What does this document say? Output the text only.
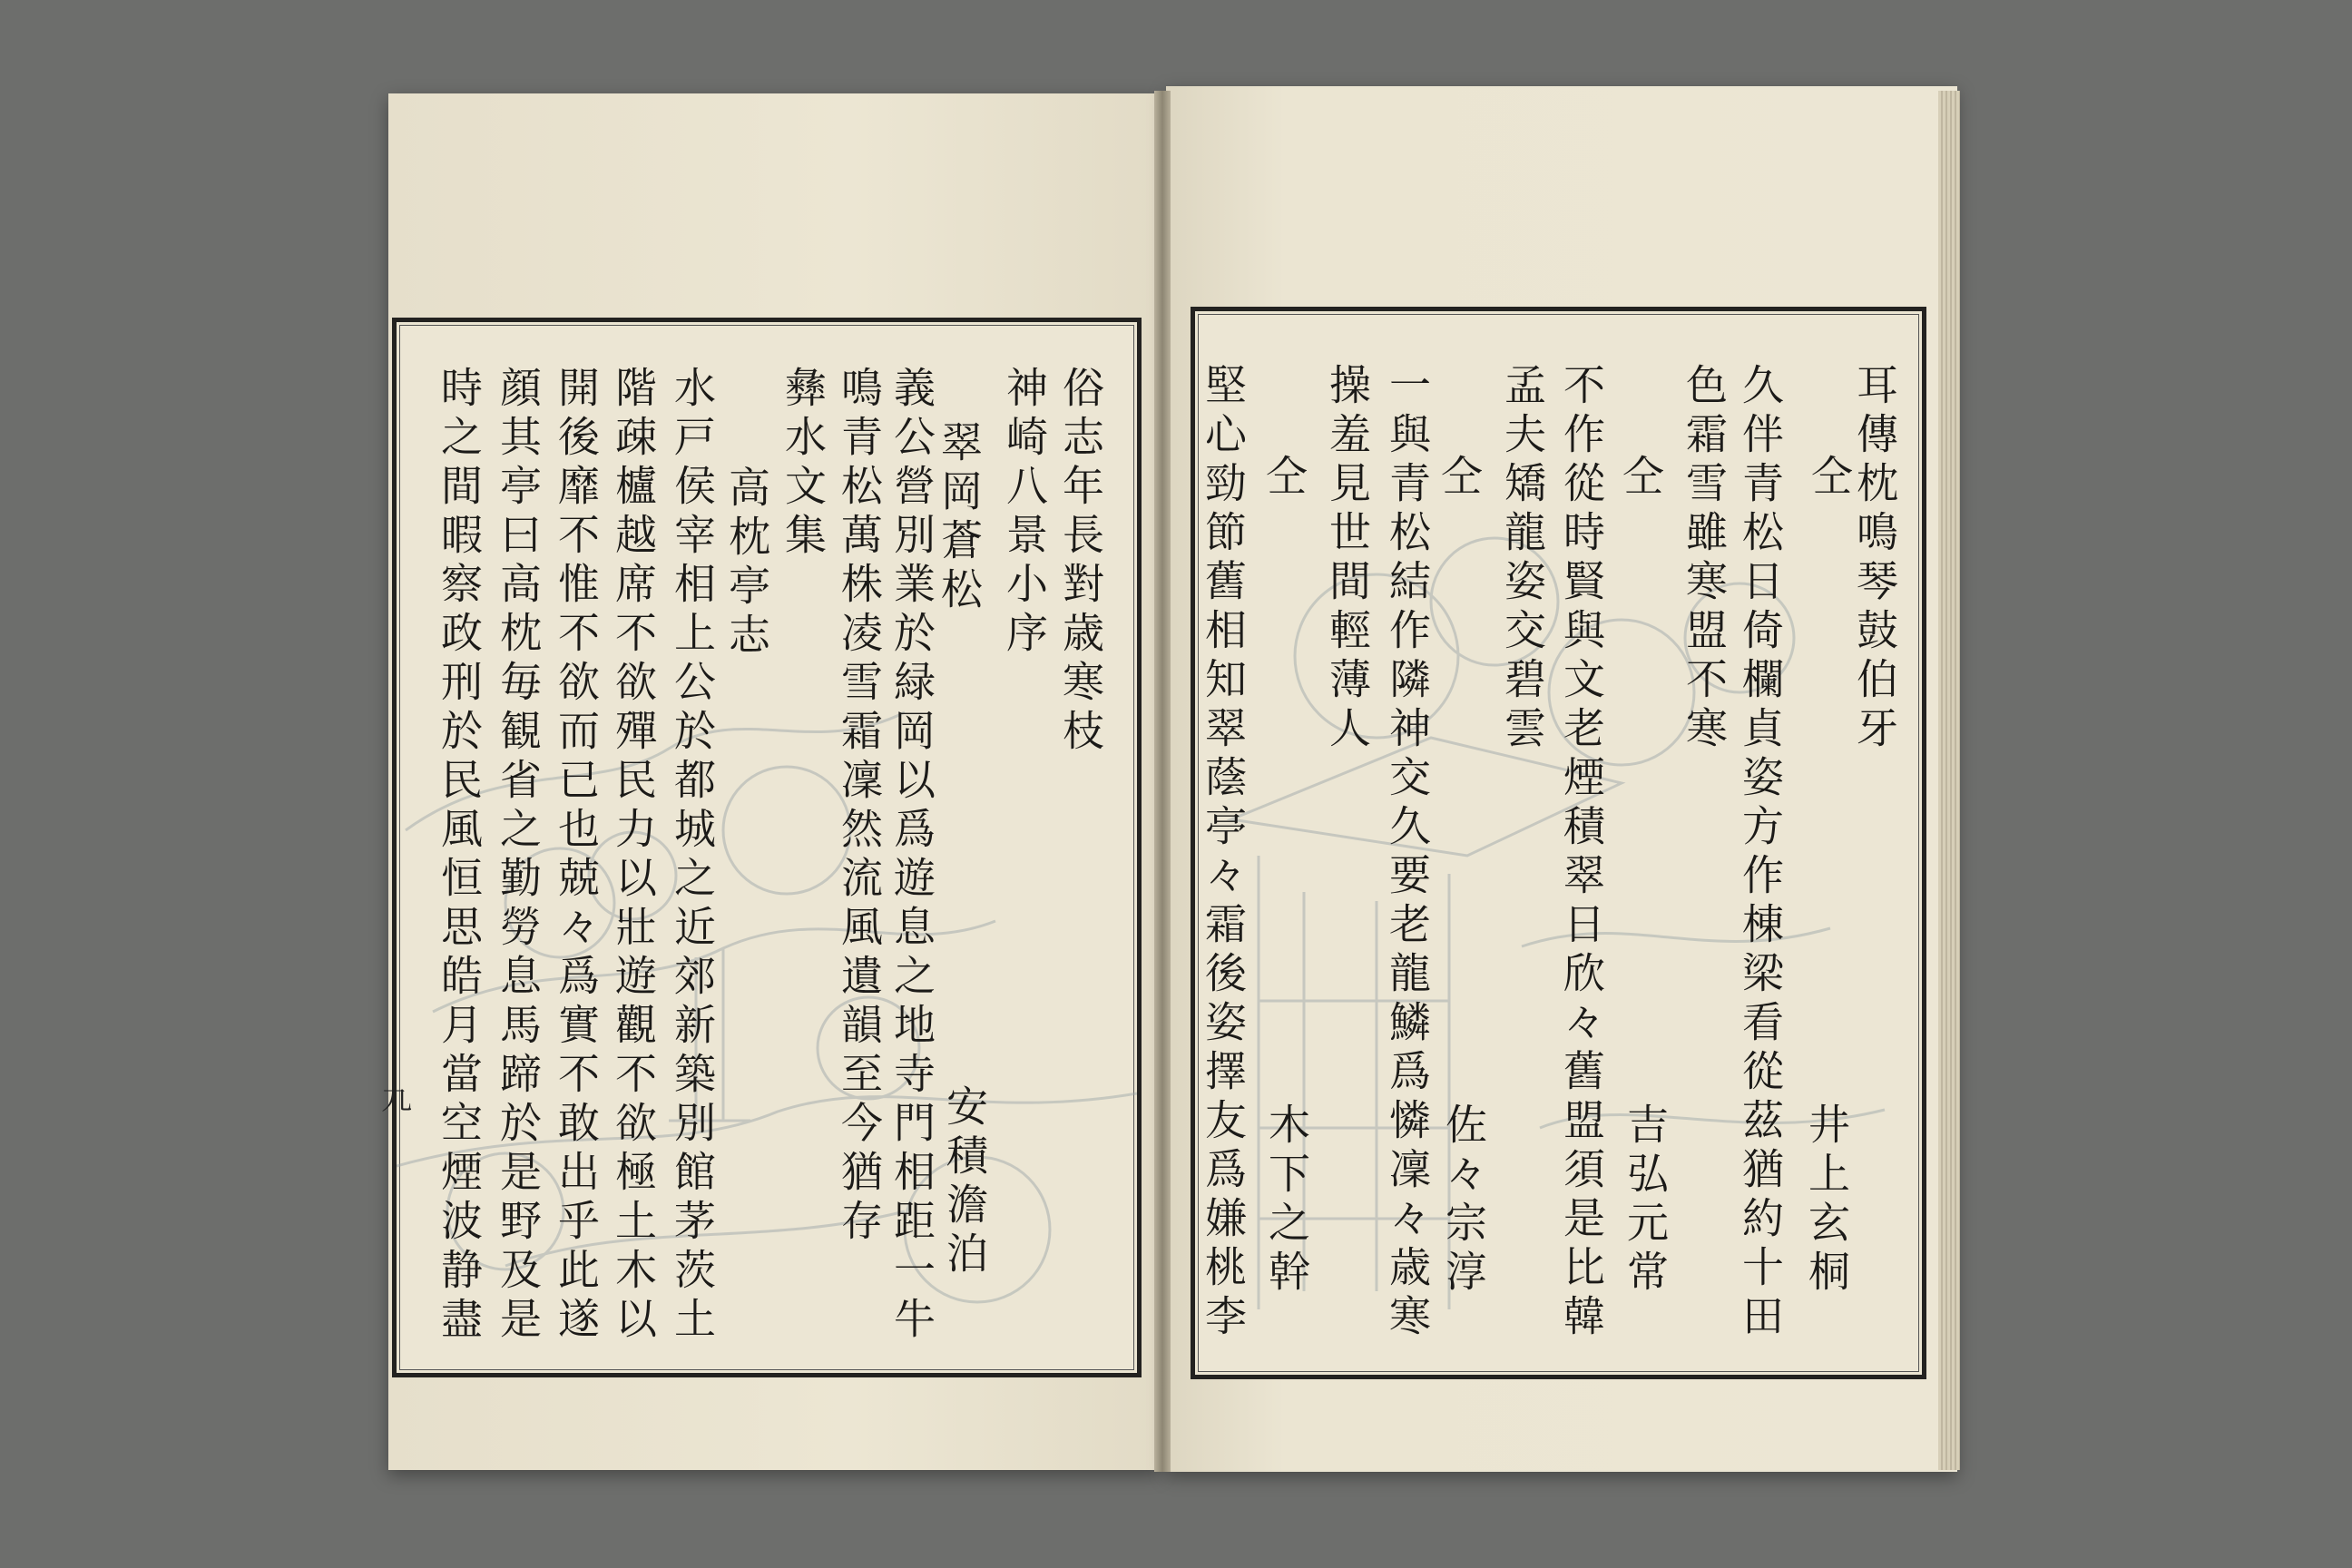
俗志年長對歳寒枝
神崎八景小序
翠岡蒼松
義公營別業於緑岡以爲遊息之地寺門相距一牛
鳴青松萬株凌雪霜凜然流風遺韻至今猶存
彝水文集
高枕亭志
水戸侯宰相上公於都城之近郊新築別館茅茨土
階疎櫨越席不欲殫民力以壯遊觀不欲極土木以
開後靡不惟不欲而已也兢々爲實不敢出乎此遂
顔其亭曰高枕毎観省之勤勞息馬蹄於是野及是
時之間暇察政刑於民風恒思皓月當空煙波静盡	安積澹泊
九
耳傳枕鳴琴鼓伯牙
仝
久伴青松日倚欄貞姿方作棟梁看從茲猶約十田
色霜雪雖寒盟不寒
仝
不作從時賢與文老煙積翠日欣々舊盟須是比韓
孟夫矯龍姿交碧雲
仝
一與青松結作隣神交久要老龍鱗爲憐凜々歳寒
操羞見世間輕薄人
仝
堅心勁節舊相知翠蔭亭々霜後姿擇友爲嫌桃李	井上玄桐
吉弘元常
佐々宗淳
木下之幹
